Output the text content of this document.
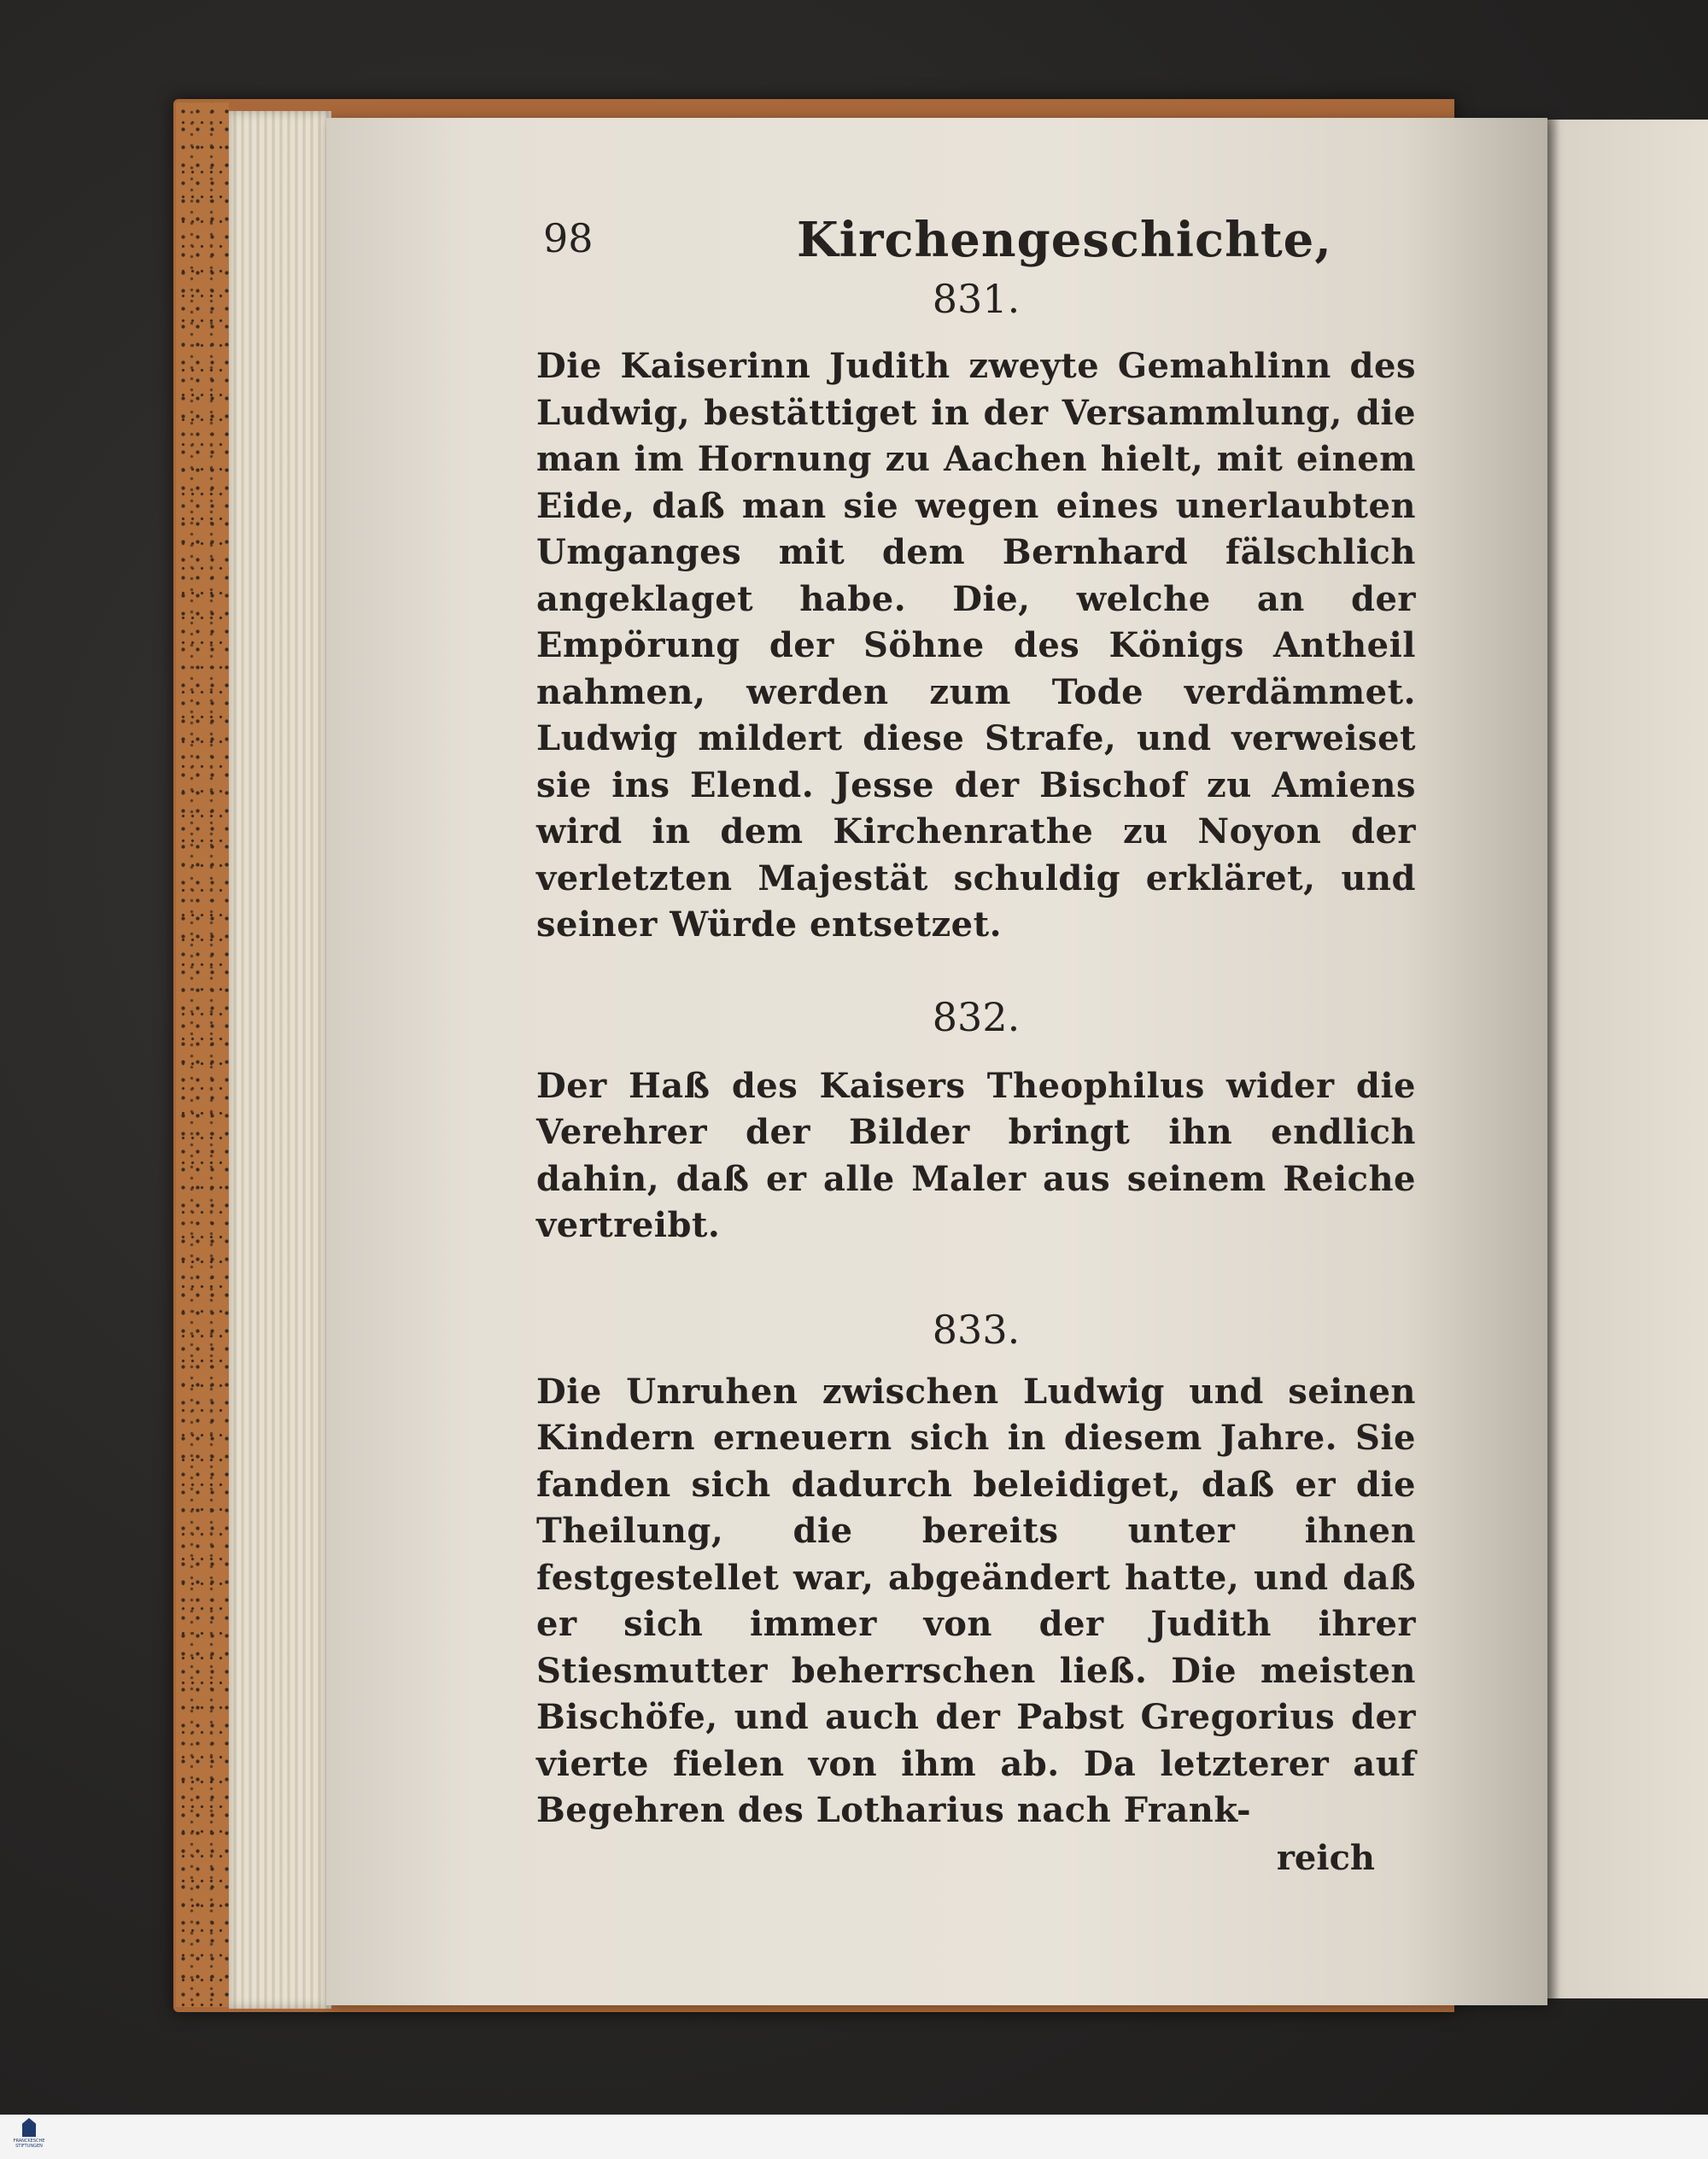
98	Kirchengeschichte,
831.

Die Kaiserinn Judith zweyte Gemahlinn des Ludwig, bestättiget in der Versammlung, die man im Hornung zu Aachen hielt, mit einem Eide, daß man sie wegen eines unerlaubten Umganges mit dem Bernhard fälschlich angeklaget habe. Die, welche an der Empörung der Söhne des Königs Antheil nahmen, werden zum Tode verdämmet. Ludwig mildert diese Strafe, und verweiset sie ins Elend. Jesse der Bischof zu Amiens wird in dem Kirchenrathe zu Noyon der verletzten Majestät schuldig erkläret, und seiner Würde entsetzet.

832.

Der Haß des Kaisers Theophilus wider die Verehrer der Bilder bringt ihn endlich dahin, daß er alle Maler aus seinem Reiche vertreibt.

833.

Die Unruhen zwischen Ludwig und seinen Kindern erneuern sich in diesem Jahre. Sie fanden sich dadurch beleidiget, daß er die Theilung, die bereits unter ihnen festgestellet war, abgeändert hatte, und daß er sich immer von der Judith ihrer Stiesmutter beherrschen ließ. Die meisten Bischöfe, und auch der Pabst Gregorius der vierte fielen von ihm ab. Da letzterer auf Begehren des Lotharius nach Frank-

reich
FRANCKESCHE
STIFTUNGEN
